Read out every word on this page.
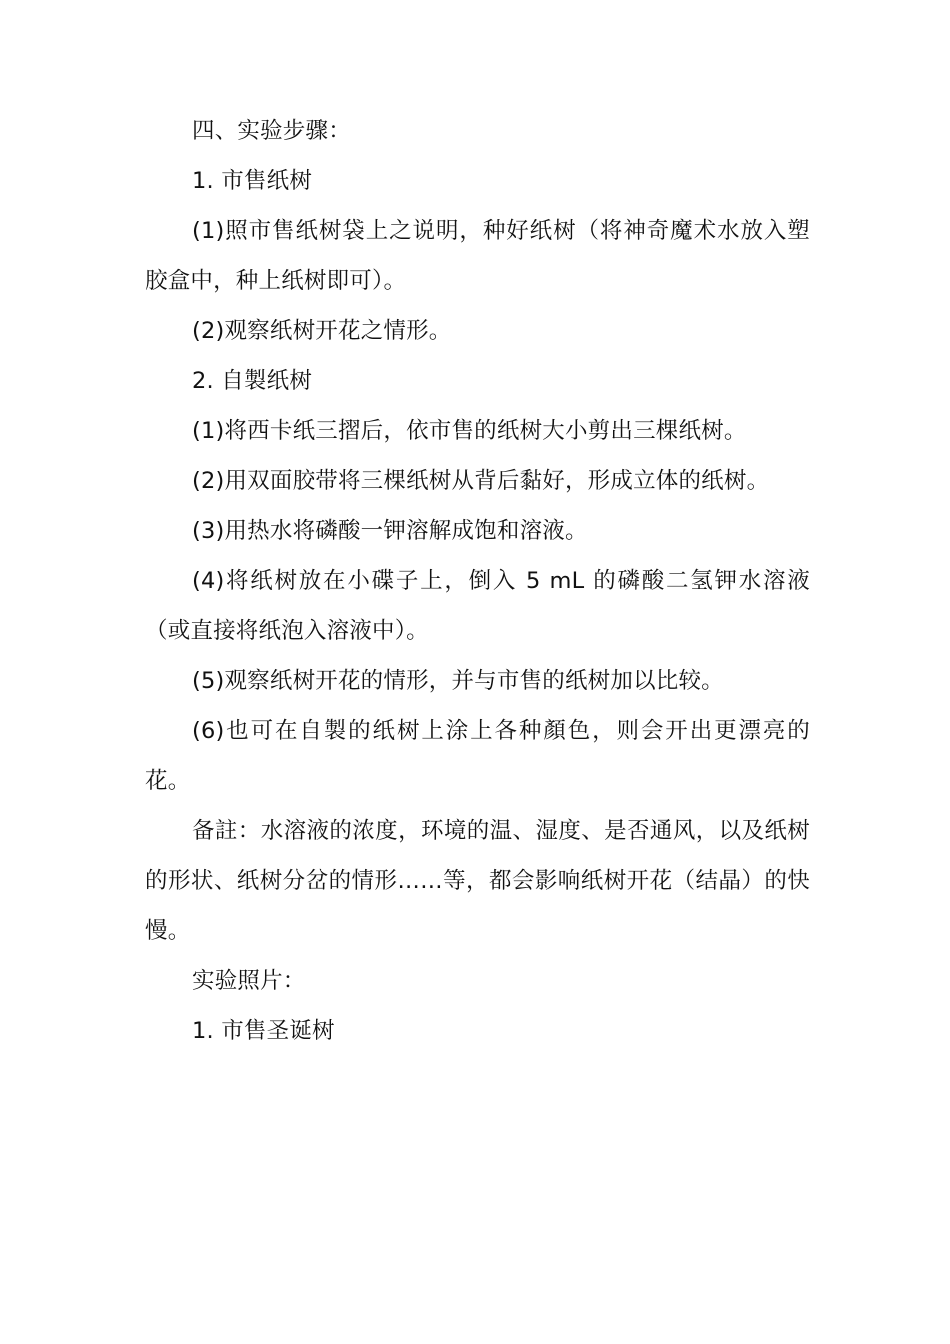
四、实验步骤：

1. 市售纸树

(1)照市售纸树袋上之说明，种好纸树（将神奇魔术水放入塑胶盒中，种上纸树即可）。

(2)观察纸树开花之情形。

2. 自製纸树

(1)将西卡纸三摺后，依市售的纸树大小剪出三棵纸树。

(2)用双面胶带将三棵纸树从背后黏好，形成立体的纸树。

(3)用热水将磷酸一钾溶解成饱和溶液。

(4)将纸树放在小碟子上，倒入 5 mL 的磷酸二氢钾水溶液（或直接将纸泡入溶液中）。

(5)观察纸树开花的情形，并与市售的纸树加以比较。

(6)也可在自製的纸树上涂上各种顏色，则会开出更漂亮的花。

备註：水溶液的浓度，环境的温、湿度、是否通风，以及纸树的形状、纸树分岔的情形……等，都会影响纸树开花（结晶）的快慢。

实验照片：

1. 市售圣诞树
